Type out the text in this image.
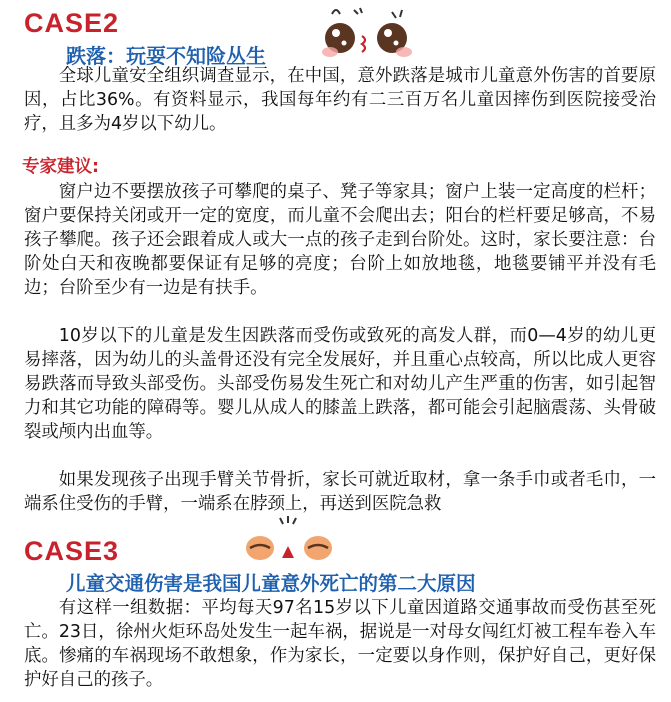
CASE2
跌落：玩耍不知险丛生

全球儿童安全组织调查显示，在中国，意外跌落是城市儿童意外伤害的首要原因，占比36%。有资料显示，我国每年约有二三百万名儿童因摔伤到医院接受治疗，且多为4岁以下幼儿。

专家建议:

窗户边不要摆放孩子可攀爬的桌子、凳子等家具；窗户上装一定高度的栏杆；窗户要保持关闭或开一定的宽度，而儿童不会爬出去；阳台的栏杆要足够高，不易孩子攀爬。孩子还会跟着成人或大一点的孩子走到台阶处。这时，家长要注意：台阶处白天和夜晚都要保证有足够的亮度；台阶上如放地毯，地毯要铺平并没有毛边；台阶至少有一边是有扶手。

10岁以下的儿童是发生因跌落而受伤或致死的高发人群，而0—4岁的幼儿更易摔落，因为幼儿的头盖骨还没有完全发展好，并且重心点较高，所以比成人更容易跌落而导致头部受伤。头部受伤易发生死亡和对幼儿产生严重的伤害，如引起智力和其它功能的障碍等。婴儿从成人的膝盖上跌落，都可能会引起脑震荡、头骨破裂或颅内出血等。

如果发现孩子出现手臂关节骨折，家长可就近取材，拿一条手巾或者毛巾，一端系住受伤的手臂，一端系在脖颈上，再送到医院急救

CASE3
儿童交通伤害是我国儿童意外死亡的第二大原因

有这样一组数据：平均每天97名15岁以下儿童因道路交通事故而受伤甚至死亡。23日，徐州火炬环岛处发生一起车祸，据说是一对母女闯红灯被工程车卷入车底。惨痛的车祸现场不敢想象，作为家长，一定要以身作则，保护好自己，更好保护好自己的孩子。
